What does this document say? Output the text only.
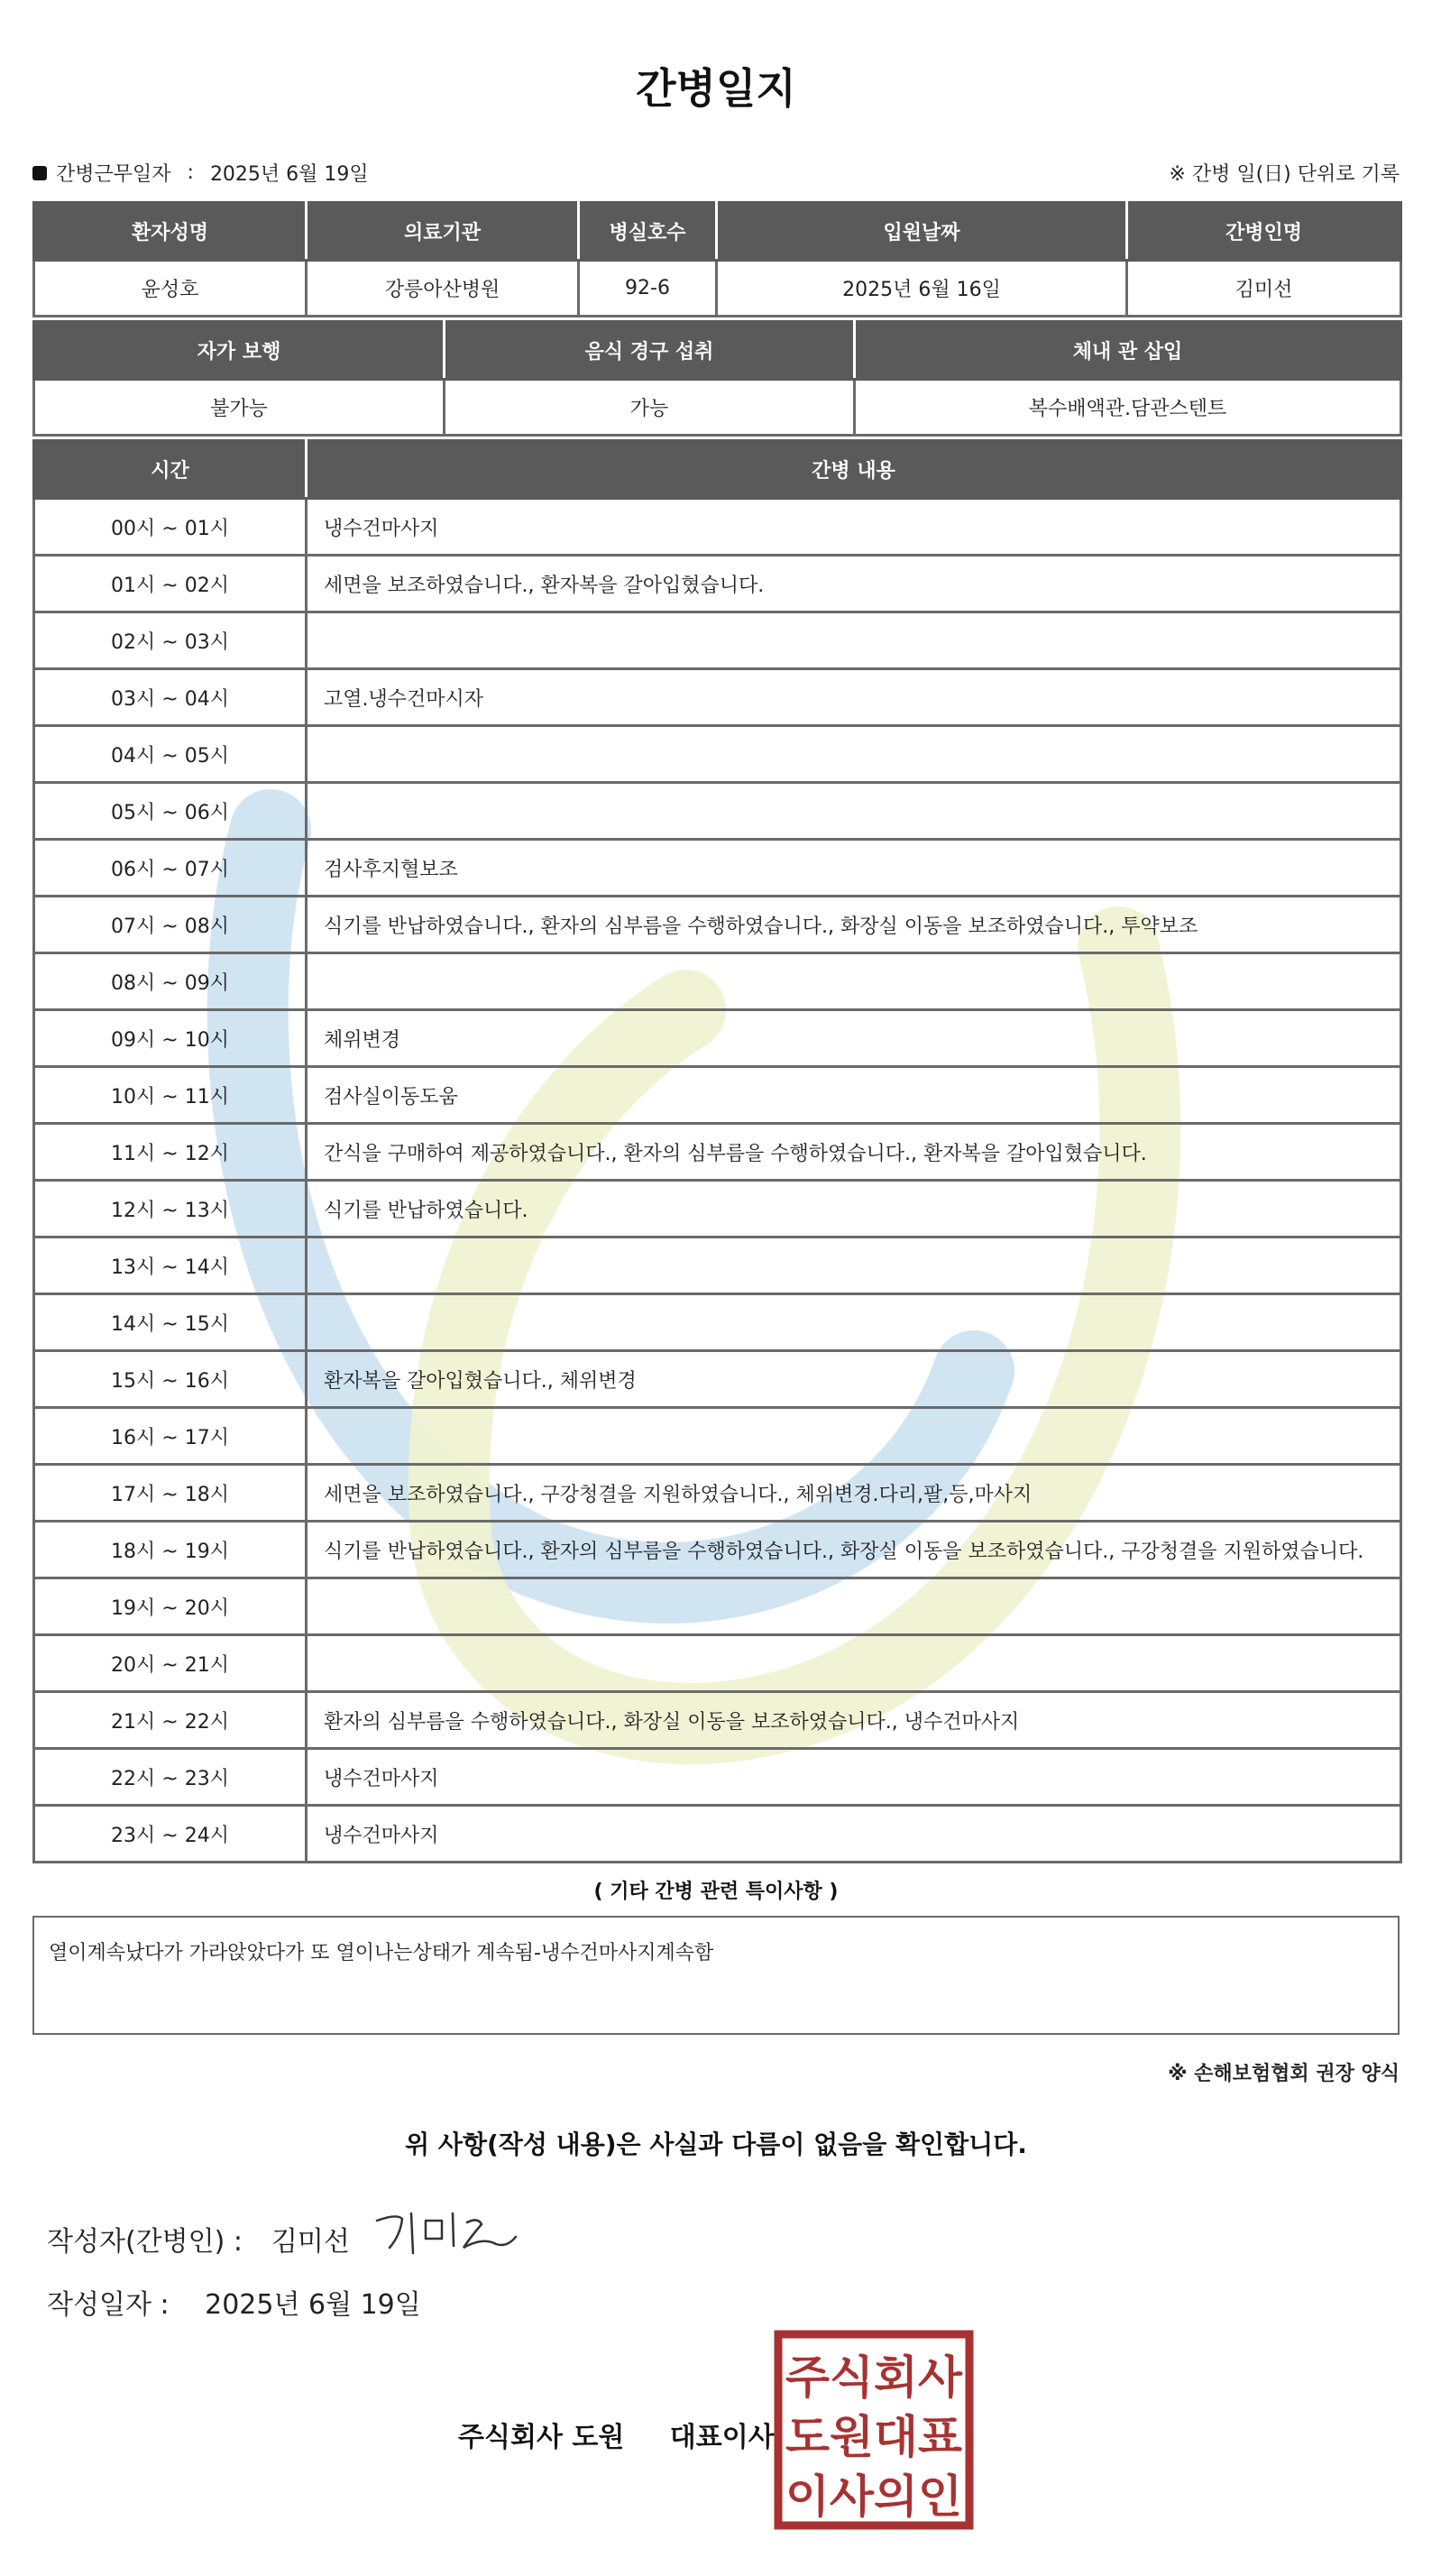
간병일지
간병근무일자 : 2025년 6월 19일	※ 간병 일(日) 단위로 기록
환자성명	의료기관	병실호수	입원날짜	간병인명
윤성호	강릉아산병원	92-6	2025년 6월 16일	김미선
자가 보행	음식 경구 섭취	체내 관 삽입
불가능	가능	복수배액관.담관스텐트
시간	간병 내용
00시 ~ 01시	냉수건마사지
01시 ~ 02시	세면을 보조하였습니다., 환자복을 갈아입혔습니다.
02시 ~ 03시	
03시 ~ 04시	고열.냉수건마시자
04시 ~ 05시	
05시 ~ 06시	
06시 ~ 07시	검사후지혈보조
07시 ~ 08시	식기를 반납하였습니다., 환자의 심부름을 수행하였습니다., 화장실 이동을 보조하였습니다., 투약보조
08시 ~ 09시	
09시 ~ 10시	체위변경
10시 ~ 11시	검사실이동도움
11시 ~ 12시	간식을 구매하여 제공하였습니다., 환자의 심부름을 수행하였습니다., 환자복을 갈아입혔습니다.
12시 ~ 13시	식기를 반납하였습니다.
13시 ~ 14시	
14시 ~ 15시	
15시 ~ 16시	환자복을 갈아입혔습니다., 체위변경
16시 ~ 17시	
17시 ~ 18시	세면을 보조하였습니다., 구강청결을 지원하였습니다., 체위변경.다리,팔,등,마사지
18시 ~ 19시	식기를 반납하였습니다., 환자의 심부름을 수행하였습니다., 화장실 이동을 보조하였습니다., 구강청결을 지원하였습니다.
19시 ~ 20시	
20시 ~ 21시	
21시 ~ 22시	환자의 심부름을 수행하였습니다., 화장실 이동을 보조하였습니다., 냉수건마사지
22시 ~ 23시	냉수건마사지
23시 ~ 24시	냉수건마사지
( 기타 간병 관련 특이사항 )
열이계속났다가 가라앉았다가 또 열이나는상태가 계속됨-냉수건마사지계속함
※ 손해보험협회 권장 양식
위 사항(작성 내용)은 사실과 다름이 없음을 확인합니다.
작성자(간병인) : 김미선
작성일자 : 2025년 6월 19일
주식회사 도원 대표이사
주식회사
도원대표
이사의인
